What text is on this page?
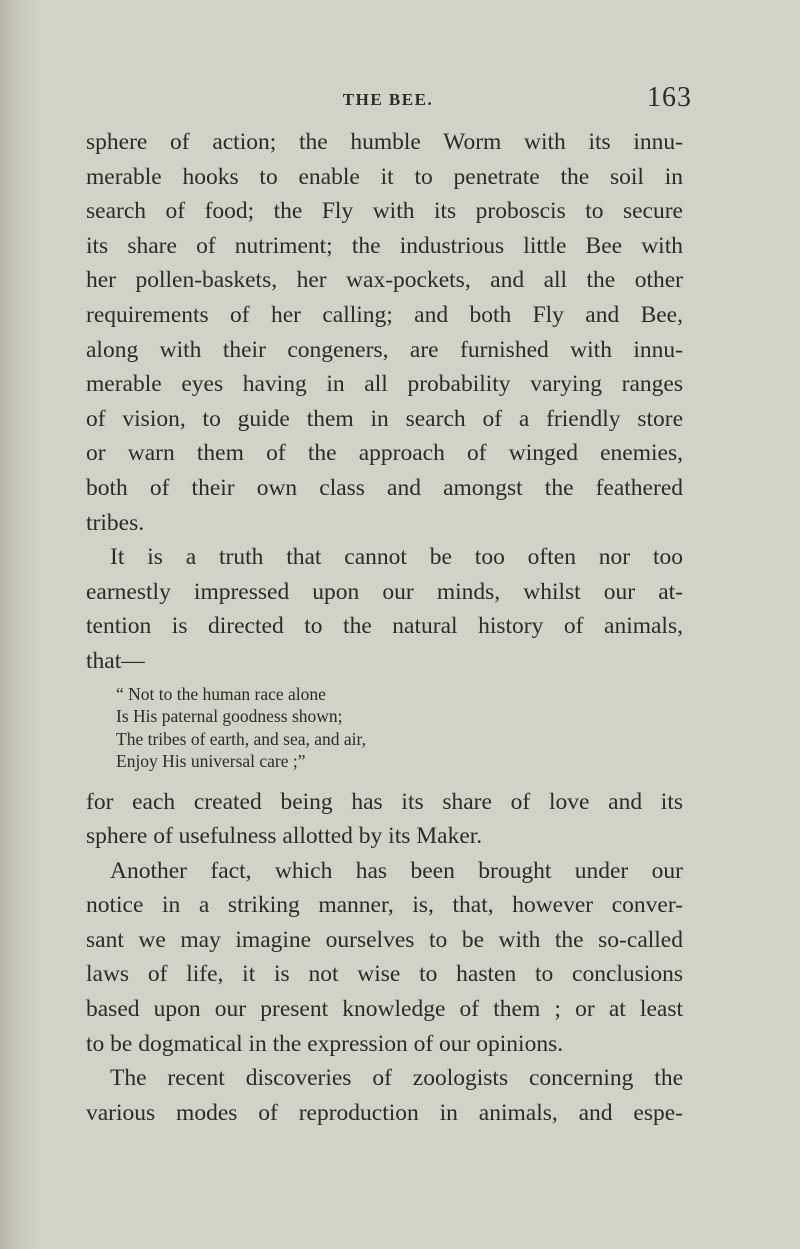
THE BEE.	163

sphere of action; the humble Worm with its innu-

merable hooks to enable it to penetrate the soil in

search of food; the Fly with its proboscis to secure

its share of nutriment; the industrious little Bee with

her pollen-baskets, her wax-pockets, and all the other

requirements of her calling; and both Fly and Bee,

along with their congeners, are furnished with innu-

merable eyes having in all probability varying ranges

of vision, to guide them in search of a friendly store

or warn them of the approach of winged enemies,

both of their own class and amongst the feathered

tribes.

It is a truth that cannot be too often nor too

earnestly impressed upon our minds, whilst our at-

tention is directed to the natural history of animals,

that—

“ Not to the human race alone

Is His paternal goodness shown;

The tribes of earth, and sea, and air,

Enjoy His universal care ;”

for each created being has its share of love and its

sphere of usefulness allotted by its Maker.

Another fact, which has been brought under our

notice in a striking manner, is, that, however conver-

sant we may imagine ourselves to be with the so-called

laws of life, it is not wise to hasten to conclusions

based upon our present knowledge of them ; or at least

to be dogmatical in the expression of our opinions.

The recent discoveries of zoologists concerning the

various modes of reproduction in animals, and espe-
